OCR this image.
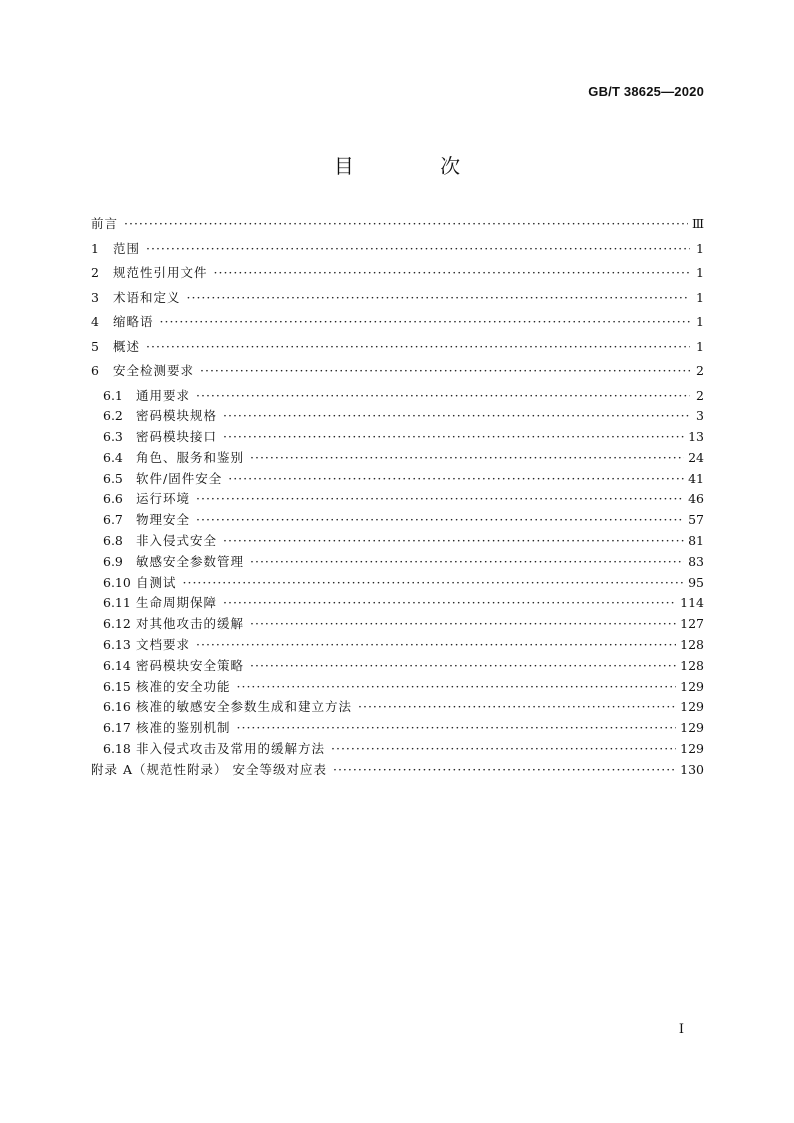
GB/T 38625—2020
目 次
前言 ·····	Ⅲ
1	范围 ·····	1
2	规范性引用文件 ·····	1
3	术语和定义 ·····	1
4	缩略语 ·····	1
5	概述 ·····	1
6	安全检测要求 ·····	2
6.1	通用要求 ·····	2
6.2	密码模块规格 ·····	3
6.3	密码模块接口 ·····	13
6.4	角色、服务和鉴别 ·····	24
6.5	软件/固件安全 ·····	41
6.6	运行环境 ·····	46
6.7	物理安全 ·····	57
6.8	非入侵式安全 ·····	81
6.9	敏感安全参数管理 ·····	83
6.10 自测试 ·····	95
6.11 生命周期保障 ·····	114
6.12 对其他攻击的缓解 ·····	127
6.13 文档要求 ·····	128
6.14 密码模块安全策略 ·····	128
6.15 核准的安全功能 ·····	129
6.16 核准的敏感安全参数生成和建立方法 ·····	129
6.17 核准的鉴别机制 ·····	129
6.18 非入侵式攻击及常用的缓解方法 ·····	129
附录 A（规范性附录） 安全等级对应表 ·····	130
Ⅰ
